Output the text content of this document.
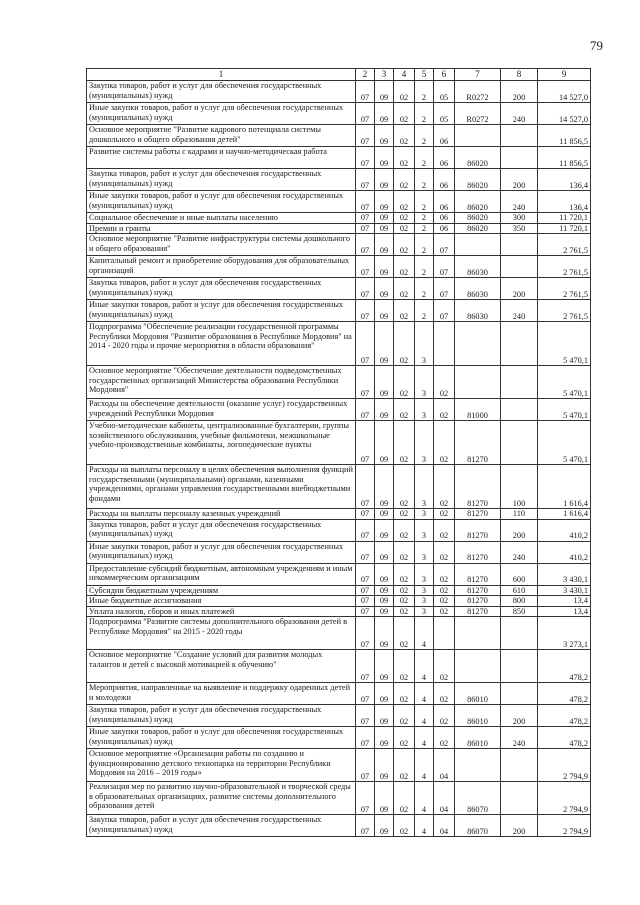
79
1	2	3	4	5	6	7	8	9
Закупка товаров, работ и услуг для обеспечения государственных (муниципальных) нужд	07	09	02	2	05	R0272	200	14 527,0
Иные закупки товаров, работ и услуг для обеспечения государственных (муниципальных) нужд	07	09	02	2	05	R0272	240	14 527,0
Основное мероприятие "Развитие кадрового потенциала системы дошкольного и общего образования детей"	07	09	02	2	06			11 856,5
Развитие системы работы с кадрами и научно-методическая работа	07	09	02	2	06	86020		11 856,5
Закупка товаров, работ и услуг для обеспечения государственных (муниципальных) нужд	07	09	02	2	06	86020	200	136,4
Иные закупки товаров, работ и услуг для обеспечения государственных (муниципальных) нужд	07	09	02	2	06	86020	240	136,4
Социальное обеспечение и иные выплаты населению	07	09	02	2	06	86020	300	11 720,1
Премии и гранты	07	09	02	2	06	86020	350	11 720,1
Основное мероприятие "Развитие инфраструктуры системы дошкольного и общего образования"	07	09	02	2	07			2 761,5
Капитальный ремонт и приобретение оборудования для образовательных организаций	07	09	02	2	07	86030		2 761,5
Закупка товаров, работ и услуг для обеспечения государственных (муниципальных) нужд	07	09	02	2	07	86030	200	2 761,5
Иные закупки товаров, работ и услуг для обеспечения государственных (муниципальных) нужд	07	09	02	2	07	86030	240	2 761,5
Подпрограмма "Обеспечение реализации государственной программы Республики Мордовия "Развитие образования в Республике Мордовия" на 2014 - 2020 годы и прочие мероприятия в области образования"	07	09	02	3				5 470,1
Основное мероприятие "Обеспечение деятельности подведомственных государственных организаций Министерства образования Республики Мордовия"	07	09	02	3	02			5 470,1
Расходы на обеспечение деятельности (оказание услуг) государственных учреждений Республики Мордовия	07	09	02	3	02	81000		5 470,1
Учебно-методические кабинеты, централизованные бухгалтерии, группы хозяйственного обслуживания, учебные фильмотеки, межшкольные учебно-производственные комбинаты, логопедические пункты	07	09	02	3	02	81270		5 470,1
Расходы на выплаты персоналу в целях обеспечения выполнения функций государственными (муниципальными) органами, казенными учреждениями, органами управления государственными внебюджетными фондами	07	09	02	3	02	81270	100	1 616,4
Расходы на выплаты персоналу казенных учреждений	07	09	02	3	02	81270	110	1 616,4
Закупка товаров, работ и услуг для обеспечения государственных (муниципальных) нужд	07	09	02	3	02	81270	200	410,2
Иные закупки товаров, работ и услуг для обеспечения государственных (муниципальных) нужд	07	09	02	3	02	81270	240	410,2
Предоставление субсидий бюджетным, автономным учреждениям и иным некоммерческим организациям	07	09	02	3	02	81270	600	3 430,1
Субсидии бюджетным учреждениям	07	09	02	3	02	81270	610	3 430,1
Иные бюджетные ассигнования	07	09	02	3	02	81270	800	13,4
Уплата налогов, сборов и иных платежей	07	09	02	3	02	81270	850	13,4
Подпрограмма "Развитие системы дополнительного образования детей в Республике Мордовия" на 2015 - 2020 годы	07	09	02	4				3 273,1
Основное мероприятие "Создание условий для развития молодых талантов и детей с высокой мотивацией к обучению"	07	09	02	4	02			478,2
Мероприятия, направленные на выявление и поддержку одаренных детей и молодежи	07	09	02	4	02	86010		478,2
Закупка товаров, работ и услуг для обеспечения государственных (муниципальных) нужд	07	09	02	4	02	86010	200	478,2
Иные закупки товаров, работ и услуг для обеспечения государственных (муниципальных) нужд	07	09	02	4	02	86010	240	478,2
Основное мероприятие «Организация работы по созданию и функционированию детского технопарка на территории Республики Мордовия на 2016 – 2019 годы»	07	09	02	4	04			2 794,9
Реализация мер по развитию научно-образовательной и творческой среды в образовательных организациях, развитие системы дополнительного образования детей	07	09	02	4	04	86070		2 794,9
Закупка товаров, работ и услуг для обеспечения государственных (муниципальных) нужд	07	09	02	4	04	86070	200	2 794,9
